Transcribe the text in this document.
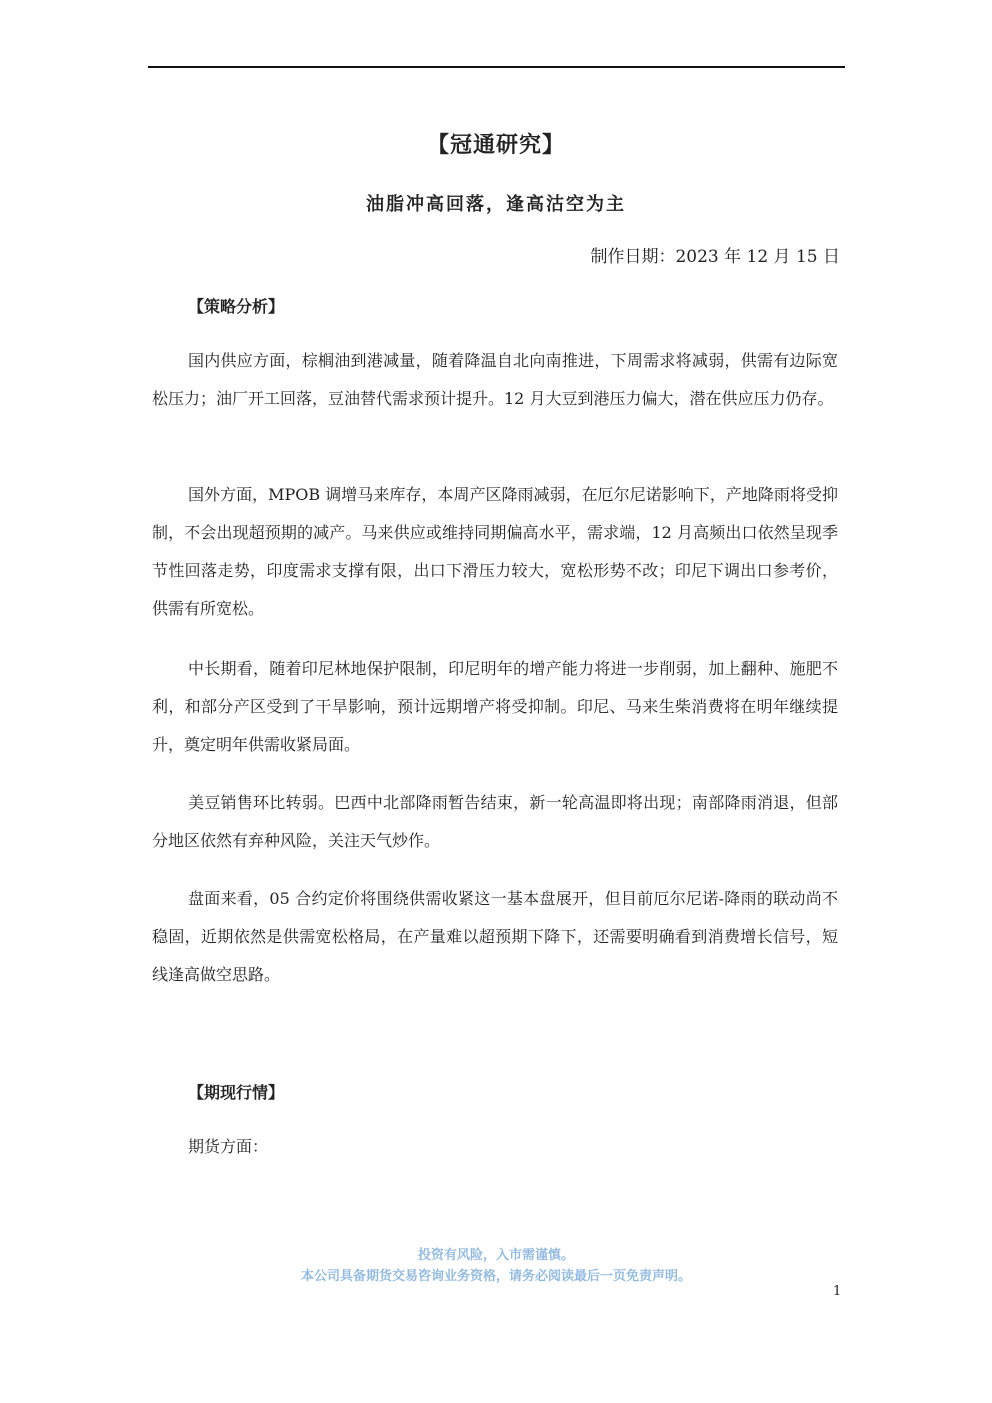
【冠通研究】
油脂冲高回落，逢高沽空为主
制作日期：2023 年 12 月 15 日
【策略分析】

国内供应方面，棕榈油到港减量，随着降温自北向南推进，下周需求将减弱，供需有边际宽松压力；油厂开工回落，豆油替代需求预计提升。12 月大豆到港压力偏大，潜在供应压力仍存。

国外方面，MPOB 调增马来库存，本周产区降雨减弱，在厄尔尼诺影响下，产地降雨将受抑制，不会出现超预期的减产。马来供应或维持同期偏高水平，需求端，12 月高频出口依然呈现季节性回落走势，印度需求支撑有限，出口下滑压力较大，宽松形势不改；印尼下调出口参考价，供需有所宽松。

中长期看，随着印尼林地保护限制，印尼明年的增产能力将进一步削弱，加上翻种、施肥不利，和部分产区受到了干旱影响，预计远期增产将受抑制。印尼、马来生柴消费将在明年继续提升，奠定明年供需收紧局面。

美豆销售环比转弱。巴西中北部降雨暂告结束，新一轮高温即将出现；南部降雨消退，但部分地区依然有弃种风险，关注天气炒作。

盘面来看，05 合约定价将围绕供需收紧这一基本盘展开，但目前厄尔尼诺-降雨的联动尚不稳固，近期依然是供需宽松格局，在产量难以超预期下降下，还需要明确看到消费增长信号，短线逢高做空思路。

【期现行情】
期货方面：
投资有风险，入市需谨慎。
本公司具备期货交易咨询业务资格，请务必阅读最后一页免责声明。
1
